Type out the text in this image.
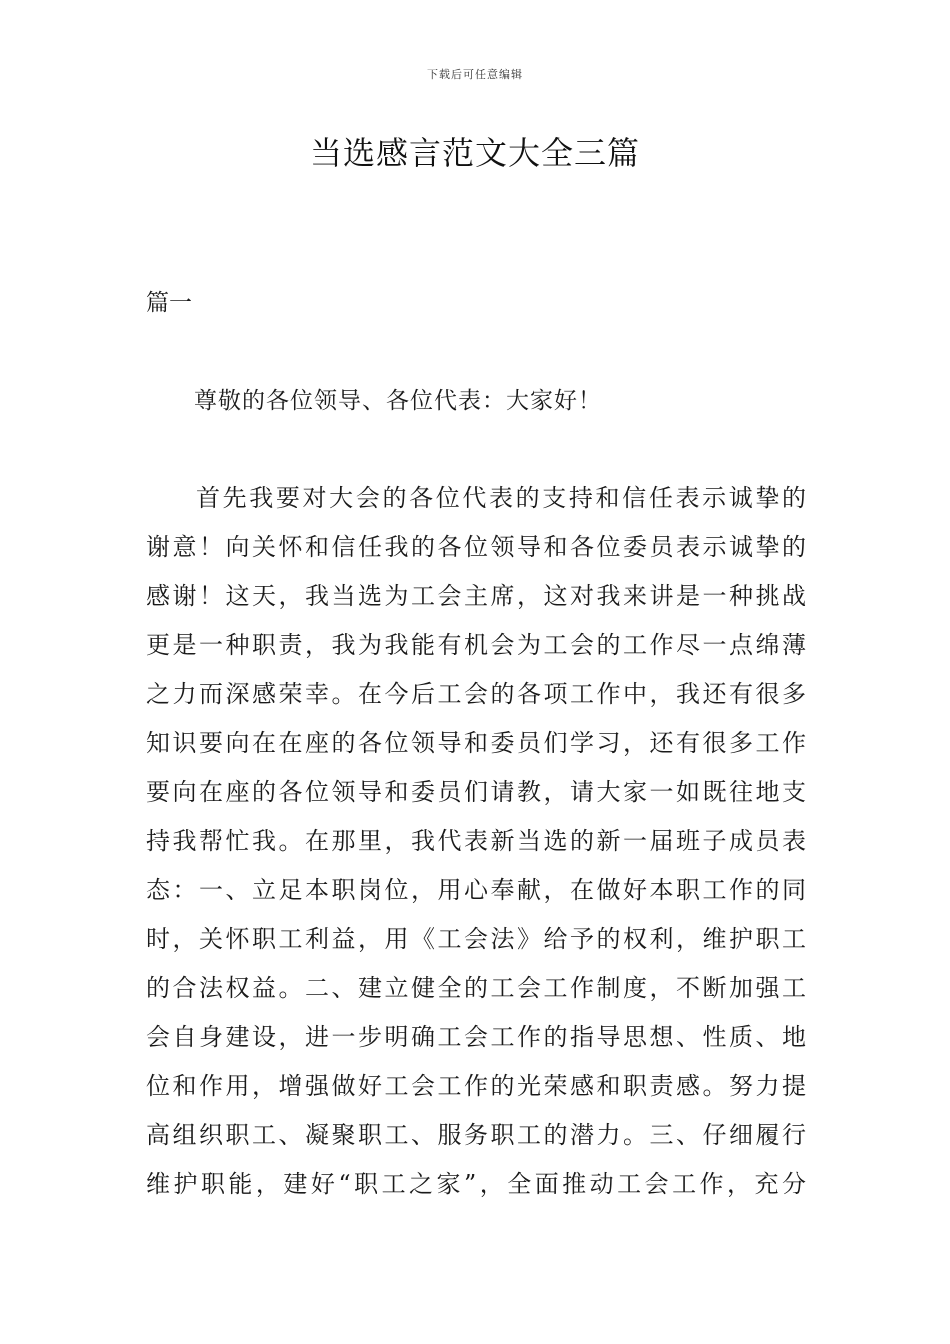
下载后可任意编辑
当选感言范文大全三篇

篇一

尊敬的各位领导、各位代表：大家好！

首先我要对大会的各位代表的支持和信任表示诚挚的
谢意！向关怀和信任我的各位领导和各位委员表示诚挚的
感谢！这天，我当选为工会主席，这对我来讲是一种挑战
更是一种职责，我为我能有机会为工会的工作尽一点绵薄
之力而深感荣幸。在今后工会的各项工作中，我还有很多
知识要向在在座的各位领导和委员们学习，还有很多工作
要向在座的各位领导和委员们请教，请大家一如既往地支
持我帮忙我。在那里，我代表新当选的新一届班子成员表
态：一、立足本职岗位，用心奉献，在做好本职工作的同
时，关怀职工利益，用《工会法》给予的权利，维护职工
的合法权益。二、建立健全的工会工作制度，不断加强工
会自身建设，进一步明确工会工作的指导思想、性质、地
位和作用，增强做好工会工作的光荣感和职责感。努力提
高组织职工、凝聚职工、服务职工的潜力。三、仔细履行
维护职能，建好“职工之家”，全面推动工会工作，充分
